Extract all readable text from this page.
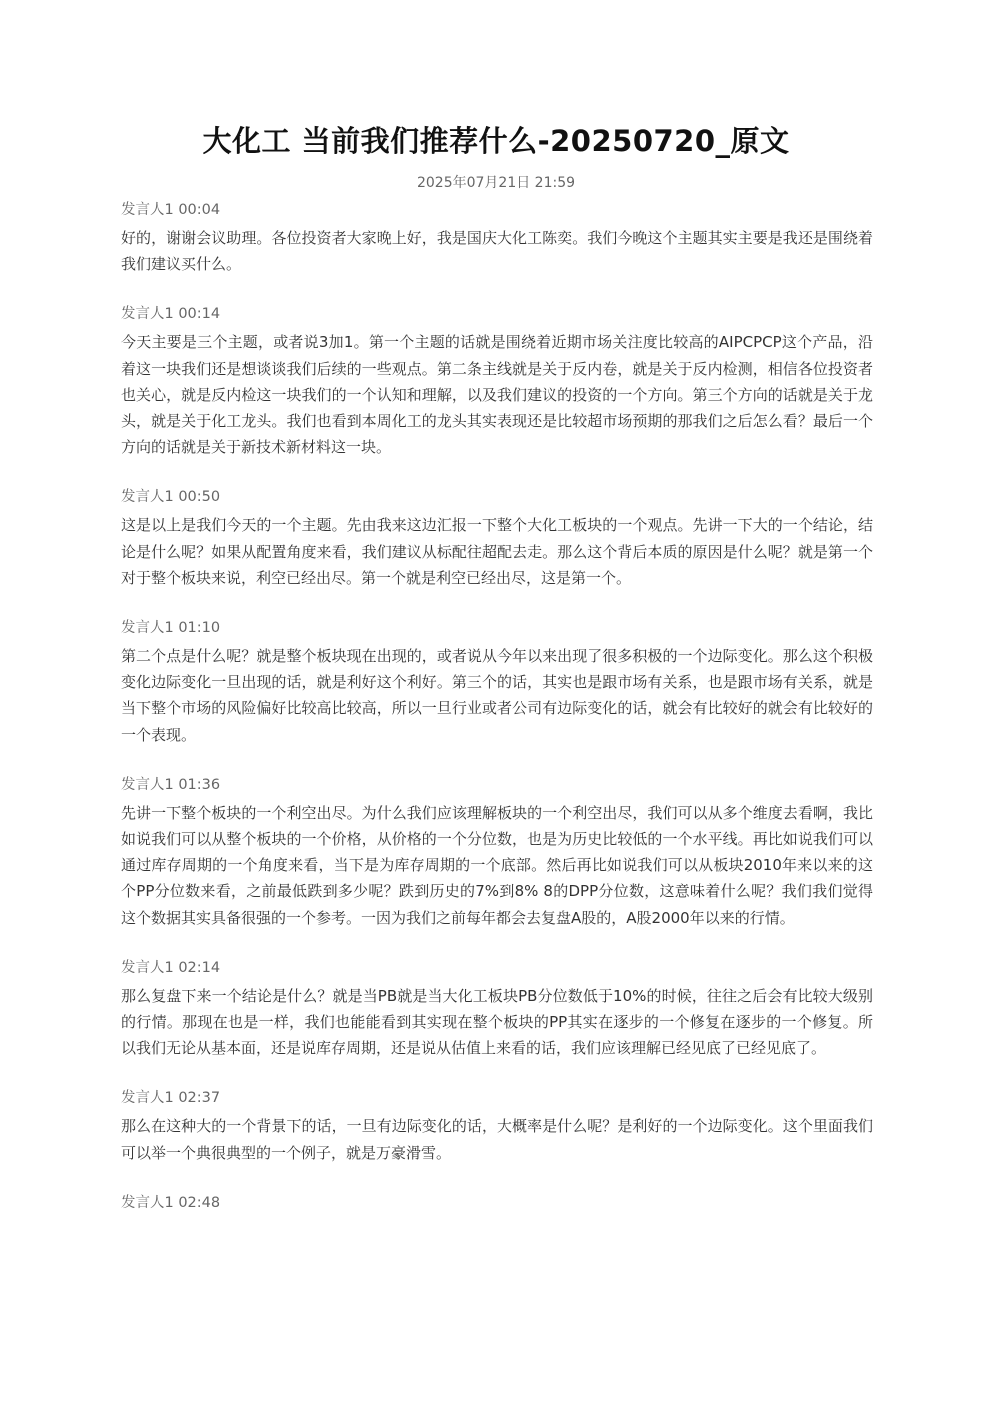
大化工 当前我们推荐什么-20250720_原文
2025年07月21日 21:59
发言人1 00:04
好的，谢谢会议助理。各位投资者大家晚上好，我是国庆大化工陈奕。我们今晚这个主题其实主要是我还是围绕着我们建议买什么。
发言人1 00:14
今天主要是三个主题，或者说3加1。第一个主题的话就是围绕着近期市场关注度比较高的AIPCPCP这个产品，沿着这一块我们还是想谈谈我们后续的一些观点。第二条主线就是关于反内卷，就是关于反内检测，相信各位投资者也关心，就是反内检这一块我们的一个认知和理解，以及我们建议的投资的一个方向。第三个方向的话就是关于龙头，就是关于化工龙头。我们也看到本周化工的龙头其实表现还是比较超市场预期的那我们之后怎么看？最后一个方向的话就是关于新技术新材料这一块。
发言人1 00:50
这是以上是我们今天的一个主题。先由我来这边汇报一下整个大化工板块的一个观点。先讲一下大的一个结论，结论是什么呢？如果从配置角度来看，我们建议从标配往超配去走。那么这个背后本质的原因是什么呢？就是第一个对于整个板块来说，利空已经出尽。第一个就是利空已经出尽，这是第一个。
发言人1 01:10
第二个点是什么呢？就是整个板块现在出现的，或者说从今年以来出现了很多积极的一个边际变化。那么这个积极变化边际变化一旦出现的话，就是利好这个利好。第三个的话，其实也是跟市场有关系，也是跟市场有关系，就是当下整个市场的风险偏好比较高比较高，所以一旦行业或者公司有边际变化的话，就会有比较好的就会有比较好的一个表现。
发言人1 01:36
先讲一下整个板块的一个利空出尽。为什么我们应该理解板块的一个利空出尽，我们可以从多个维度去看啊，我比如说我们可以从整个板块的一个价格，从价格的一个分位数，也是为历史比较低的一个水平线。再比如说我们可以通过库存周期的一个角度来看，当下是为库存周期的一个底部。然后再比如说我们可以从板块2010年来以来的这个PP分位数来看，之前最低跌到多少呢？跌到历史的7%到8% 8的DPP分位数，这意味着什么呢？我们我们觉得这个数据其实具备很强的一个参考。一因为我们之前每年都会去复盘A股的，A股2000年以来的行情。
发言人1 02:14
那么复盘下来一个结论是什么？就是当PB就是当大化工板块PB分位数低于10%的时候，往往之后会有比较大级别的行情。那现在也是一样，我们也能能看到其实现在整个板块的PP其实在逐步的一个修复在逐步的一个修复。所以我们无论从基本面，还是说库存周期，还是说从估值上来看的话，我们应该理解已经见底了已经见底了。
发言人1 02:37
那么在这种大的一个背景下的话，一旦有边际变化的话，大概率是什么呢？是利好的一个边际变化。这个里面我们可以举一个典很典型的一个例子，就是万豪滑雪。
发言人1 02:48
